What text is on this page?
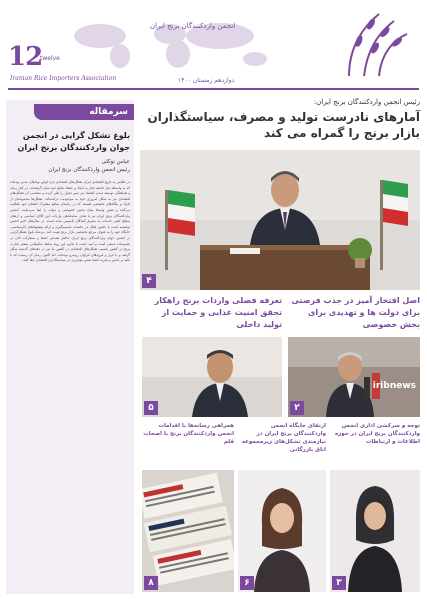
انجمن واردکنندگان برنج ایران
12
twelve
Iranian Rice Importers Association	دوازدهم زمستان ۱۴۰۰
رئیس انجمن واردکنندگان برنج ایران:
آمارهای نادرست تولید و مصرف، سیاستگذاران بازار برنج را گمراه می کند
سرمقاله
بلوغ تشکل گرایی در انجمن جوان واردکنندگان برنج ایران
عباس توکلی
رئیس انجمن واردکنندگان برنج ایران
در نظامی به تاریخ اقتصادی ایران تشکل‌های اقتصادی جزء اولین نهادهای مدنی بوده‌اند که به واسطه نیاز جامعه تجار به ایجاد و حفظ منافع خود بنیان گرفته‌اند. در کنار زمان و هماهنگی توسعه تمدن اقتصاد نیز سیر تحول را طی کرده و متناسب آن تشکل‌های اقتصادی نیز به شکل امروزی خود به موجودیت درآمده‌اند. تشکل‌ها مجموعه‌ای از افراد و بنگاه‌های تخصصی هستند که در راستای منافع مشترک اعضای خود فعالیت می‌کنند و نقش واسط میان بخش خصوصی و دولت را ایفا می‌نمایند. انجمن واردکنندگان برنج ایران نیز با هدف ساماندهی واردات این کالای اساسی و ارتقای سطح کیفی خدمات به مصرف‌کنندگان تأسیس شده است. در سال‌های اخیر انجمن توانسته است با حضور فعال در جلسات تصمیم‌گیری و ارائه پیشنهادهای کارشناسی، جایگاه خود را به عنوان مرجع تخصصی بازار برنج تثبیت کند. بی‌شک بلوغ تشکل‌گرایی در انجمن جوان واردکنندگان برنج ایران حاصل همدلی اعضا و مشارکت آنان در تصمیمات جمعی است و امید است با تداوم این روند شاهد شکوفایی بیشتر تجارت برنج در کشور باشیم. تشکل‌های اقتصادی در کشور ما نیز در دهه‌های گذشته شکل گرفته و با فراز و فرودهای فراوان روبه‌رو بوده‌اند، اما اکنون زمان آن رسیده که با تکیه بر دانش و تجربه اعضا نقش مؤثرتری در سیاستگذاری اقتصادی ایفا کنند.
۴
اصل افتخار آمیز در جذب فرصتی برای دولت ها و تهدیدی برای بخش خصوصی
تعرفه فصلی واردات برنج راهکار تحقق امنیت غذایی و حمایت از تولید داخلی
iribnews
۲
۵
توجه و سرکشی اداری انجمن واردکنندگان برنج ایران در حوزه اطلاعات و ارتباطات
ارتقای جایگاه انجمن واردکنندگان برنج ایران در نیازمندی تشکل‌های زیرمجموعه اتاق بازرگانی
همراهی رسانه‌ها با اقدامات انجمن واردکنندگان برنج با اصحاب قلم
۳
۶
۸
